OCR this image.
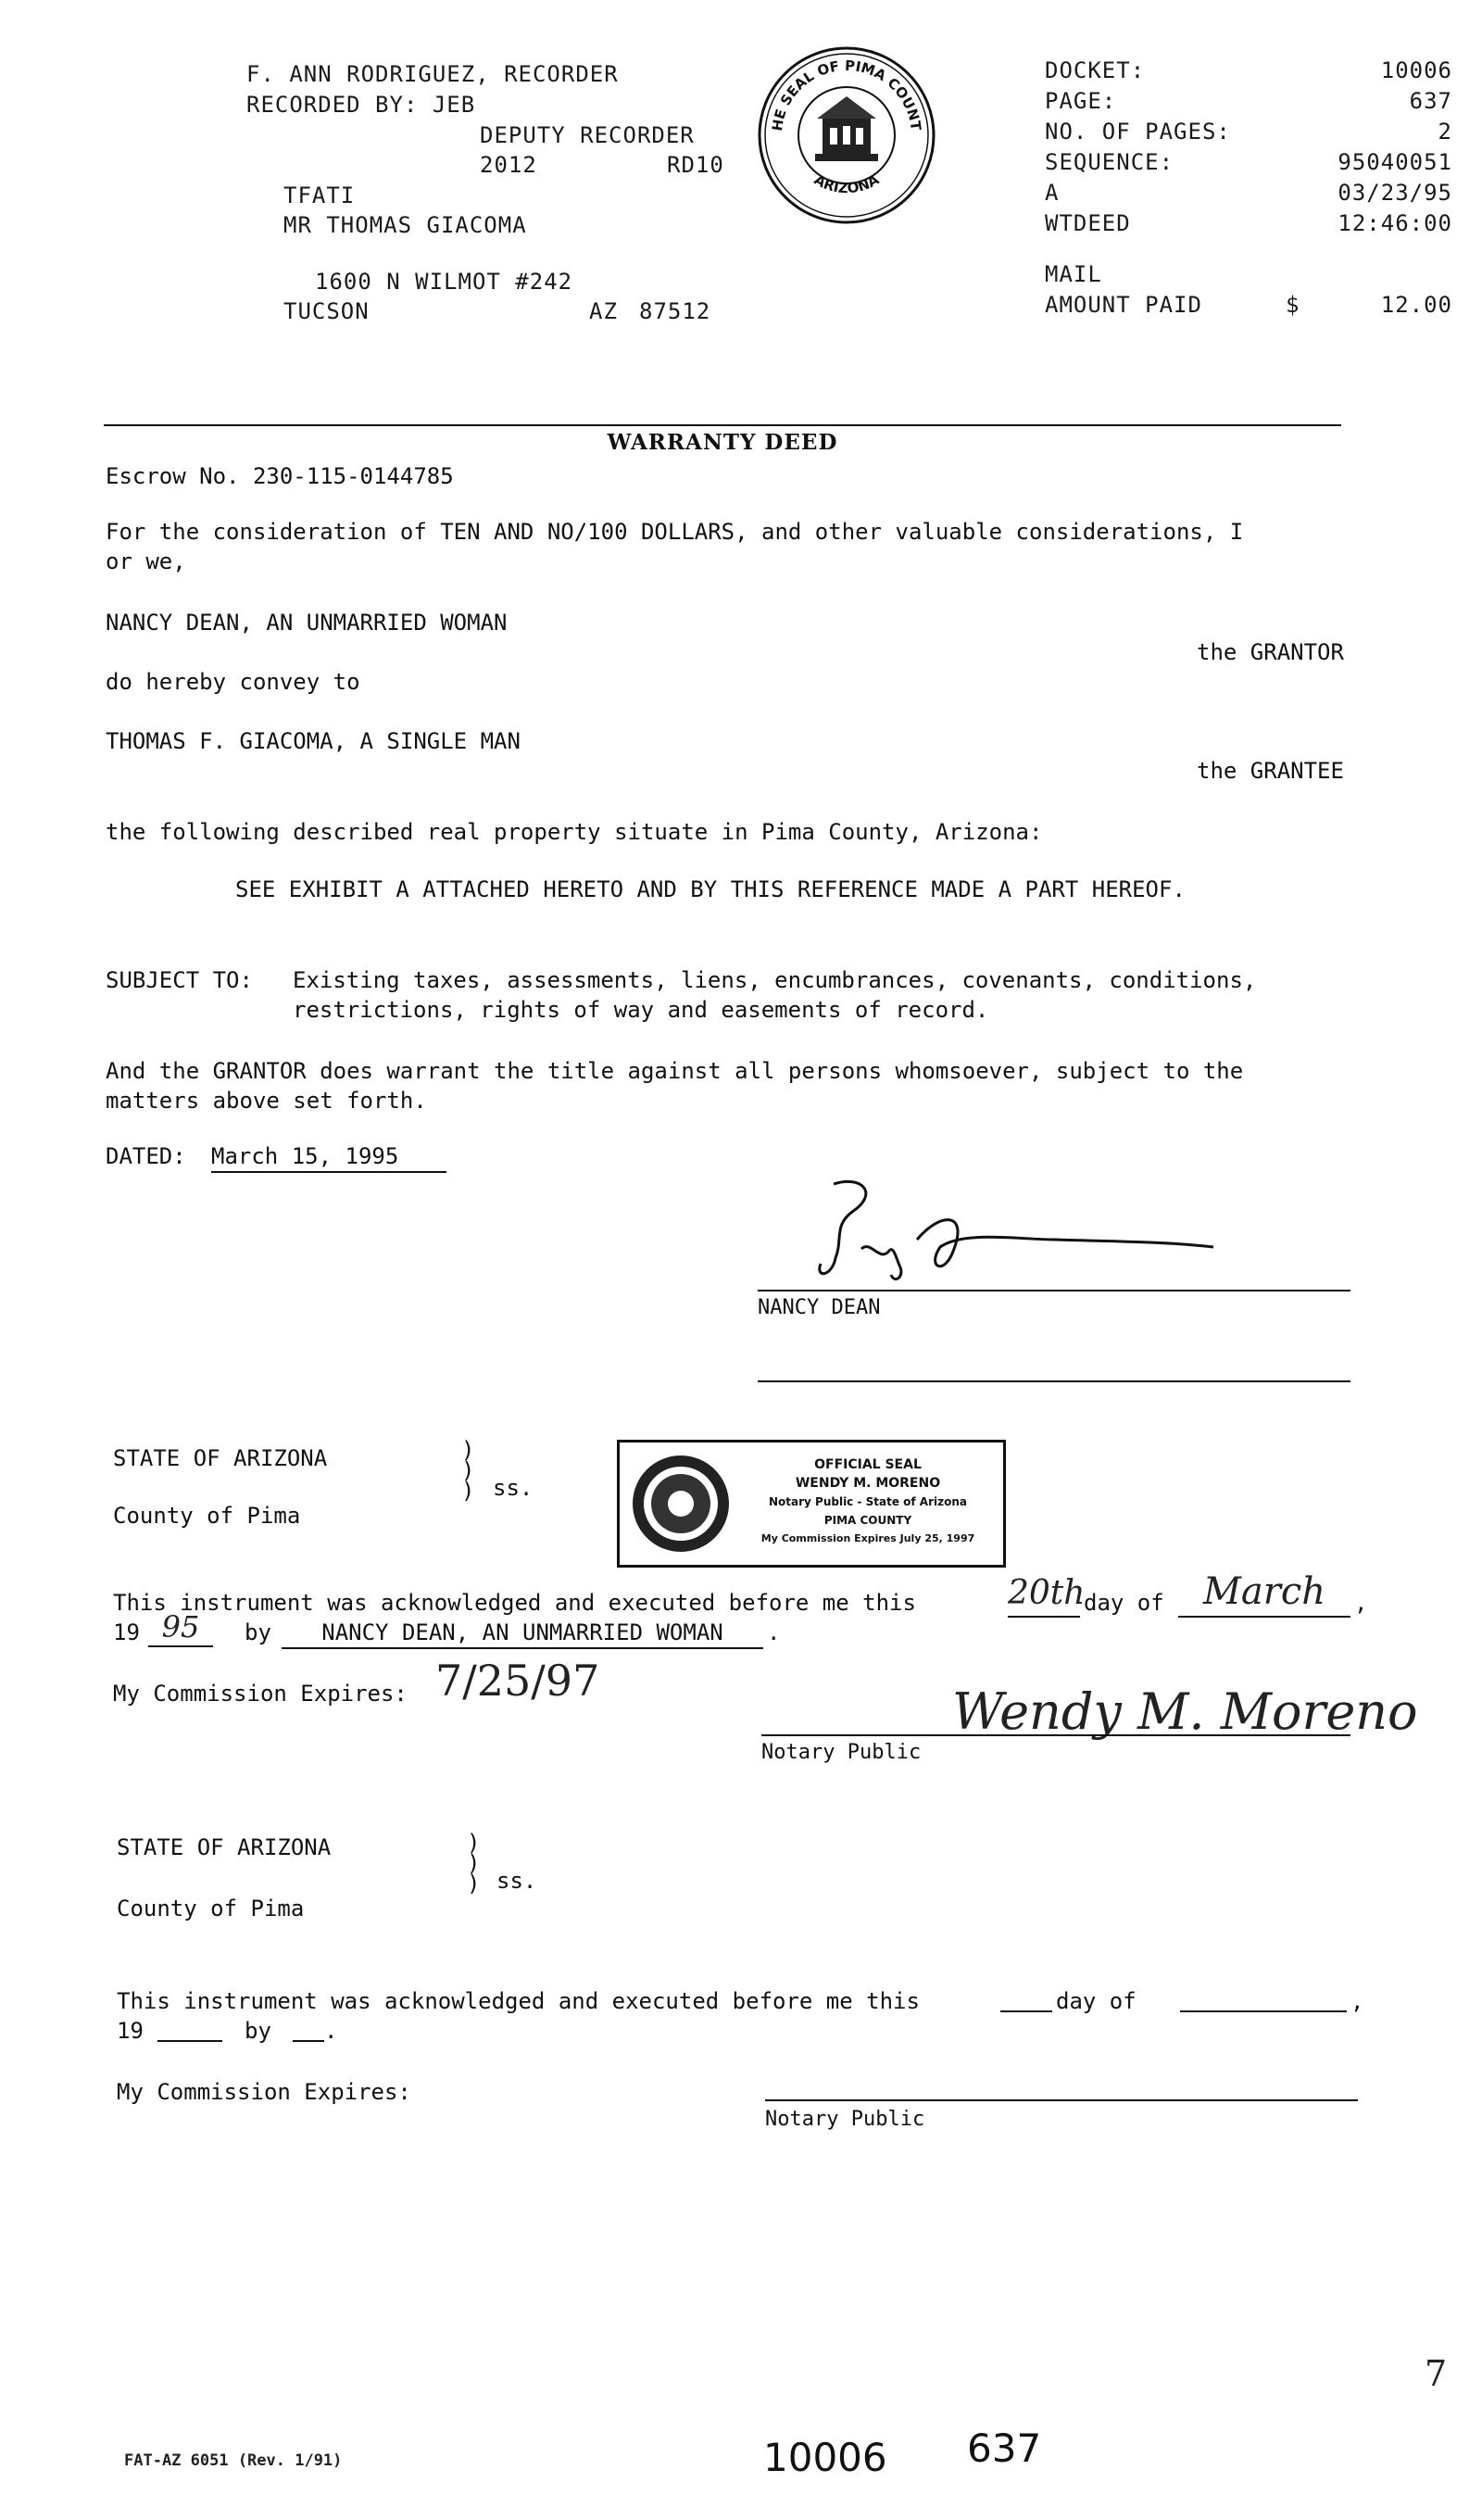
F. ANN RODRIGUEZ, RECORDER
RECORDED BY: JEB
DEPUTY RECORDER
2012	RD10
TFATI
MR THOMAS GIACOMA
1600 N WILMOT #242
TUCSON	AZ 87512
HE SEAL OF PIMA COUNT
ARIZONA
DOCKET:	10006
PAGE:	637
NO. OF PAGES:	2
SEQUENCE:	95040051
A	03/23/95
WTDEED	12:46:00
MAIL
AMOUNT PAID	$	12.00
WARRANTY DEED
Escrow No. 230-115-0144785
For the consideration of TEN AND NO/100 DOLLARS, and other valuable considerations, I
or we,
NANCY DEAN, AN UNMARRIED WOMAN
the GRANTOR
do hereby convey to
THOMAS F. GIACOMA, A SINGLE MAN
the GRANTEE
the following described real property situate in Pima County, Arizona:
SEE EXHIBIT A ATTACHED HERETO AND BY THIS REFERENCE MADE A PART HEREOF.
SUBJECT TO: Existing taxes, assessments, liens, encumbrances, covenants, conditions,
restrictions, rights of way and easements of record.
And the GRANTOR does warrant the title against all persons whomsoever, subject to the
matters above set forth.
DATED: March 15, 1995
NANCY DEAN
STATE OF ARIZONA
County of Pima
)
)
) ss.
OFFICIAL SEAL
WENDY M. MORENO
Notary Public - State of Arizona
PIMA COUNTY
My Commission Expires July 25, 1997
This instrument was acknowledged and executed before me this	20th
day of	March	,
19 95	by	NANCY DEAN, AN UNMARRIED WOMAN	.
My Commission Expires: 7/25/97
Wendy M. Moreno
Notary Public
STATE OF ARIZONA
County of Pima
)
)
) ss.
This instrument was acknowledged and executed before me this	day of	,
19	by .
My Commission Expires:
Notary Public
7
FAT-AZ 6051 (Rev. 1/91)	10006 637
